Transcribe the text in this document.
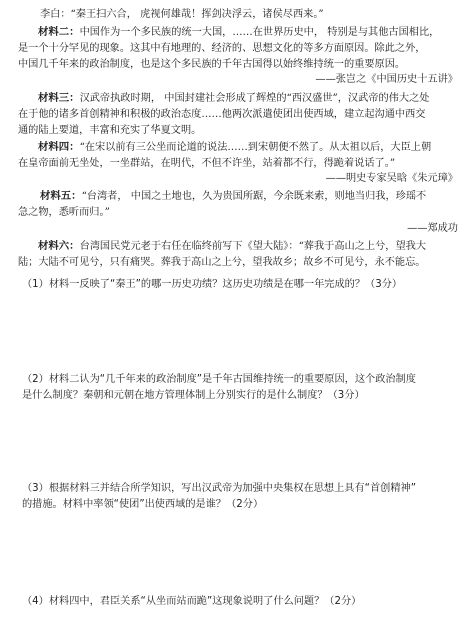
李白：“秦王扫六合， 虎视何雄哉！挥剑决浮云，诸侯尽西来。”
材料二：中国作为一个多民族的统一大国，……在世界历史中， 特别是与其他古国相比，
是一个十分罕见的现象。这其中有地理的、经济的、思想文化的等多方面原因。除此之外，
中国几千年来的政治制度，也是这个多民族的千年古国得以始终维持统一的重要原因。
——张岂之《中国历史十五讲》
材料三：汉武帝执政时期， 中国封建社会形成了辉煌的“西汉盛世”，汉武帝的伟大之处
在于他的诸多首创精神和积极的政治态度……他两次派遣使团出使西域，建立起沟通中西交
通的陆上要道，丰富和充实了华夏文明。
材料四：“在宋以前有三公坐而论道的说法……到宋朝便不然了。从太祖以后，大臣上朝
在皇帝面前无坐处，一坐群站，在明代，不但不许坐，站着都不行，得跪着说话了。”
——明史专家吴晗《朱元璋》
材料五：“台湾者， 中国之土地也，久为贵国所踞，今余既来索，则地当归我，珍瑶不
急之物，悉听而归。”
——郑成功
材料六：台湾国民党元老于右任在临终前写下《望大陆》：“葬我于高山之上兮，望我大
陆；大陆不可见兮，只有痛哭。葬我于高山之上兮，望我故乡；故乡不可见兮，永不能忘。
（1）材料一反映了“秦王”的哪一历史功绩？这历史功绩是在哪一年完成的？（3分）
（2）材料二认为“几千年来的政治制度”是千年古国维持统一的重要原因，这个政治制度
是什么制度？秦朝和元朝在地方管理体制上分别实行的是什么制度？（3分）
（3）根据材料三并结合所学知识，写出汉武帝为加强中央集权在思想上具有“首创精神”
的措施。材料中率领“使团”出使西域的是谁？（2分）
（4）材料四中，君臣关系“从坐而站而跪”这现象说明了什么问题？（2分）
